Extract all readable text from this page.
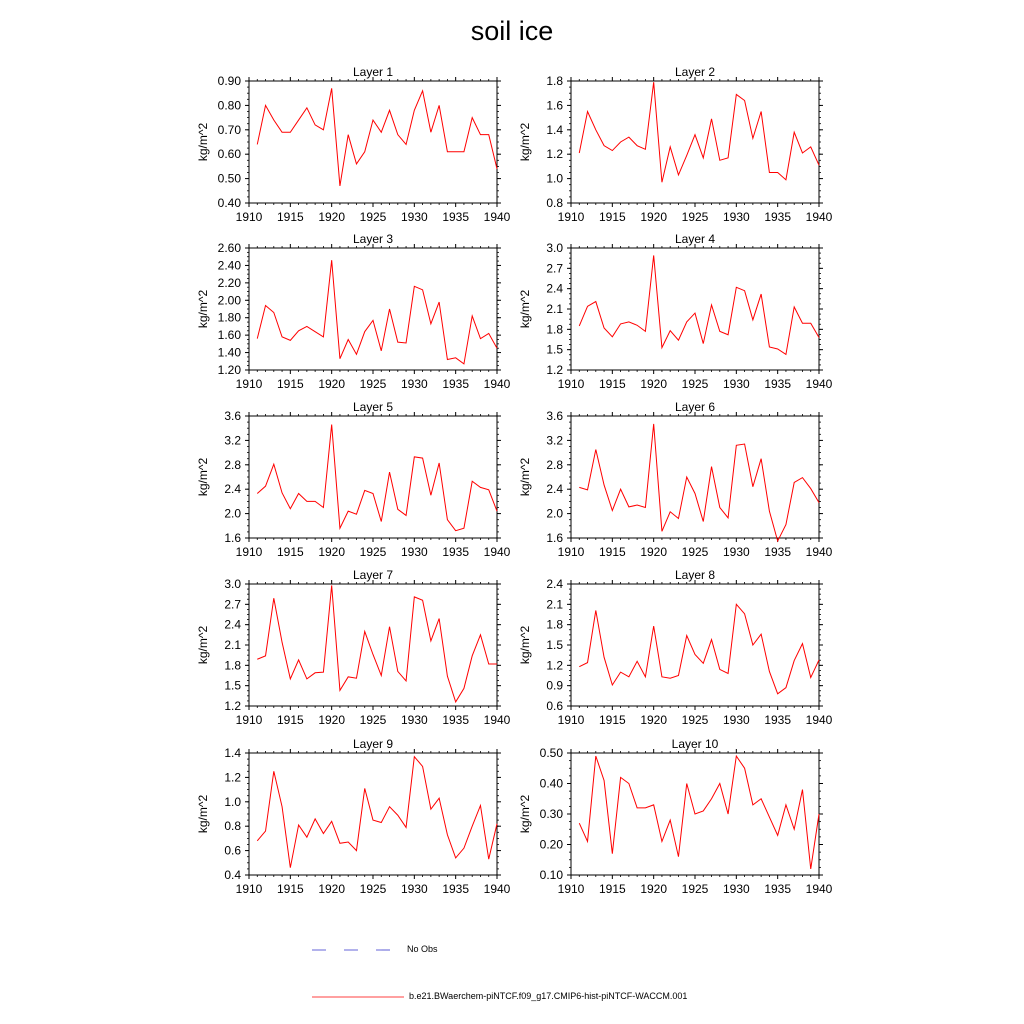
soil ice
Layer 1
kg/m^2
0.40
0.50
0.60
0.70
0.80
0.90
1910 1915 1920 1925 1930 1935 1940
Layer 2
kg/m^2
0.8
1.0
1.2
1.4
1.6
1.8
1910 1915 1920 1925 1930 1935 1940
Layer 3
kg/m^2
1.20
1.40
1.60
1.80
2.00
2.20
2.40
2.60
1910 1915 1920 1925 1930 1935 1940
Layer 4
kg/m^2
1.2
1.5
1.8
2.1
2.4
2.7
3.0
1910 1915 1920 1925 1930 1935 1940
Layer 5
kg/m^2
1.6
2.0
2.4
2.8
3.2
3.6
1910 1915 1920 1925 1930 1935 1940
Layer 6
kg/m^2
1.6
2.0
2.4
2.8
3.2
3.6
1910 1915 1920 1925 1930 1935 1940
Layer 7
kg/m^2
1.2
1.5
1.8
2.1
2.4
2.7
3.0
1910 1915 1920 1925 1930 1935 1940
Layer 8
kg/m^2
0.6
0.9
1.2
1.5
1.8
2.1
2.4
1910 1915 1920 1925 1930 1935 1940
Layer 9
kg/m^2
0.4
0.6
0.8
1.0
1.2
1.4
1910 1915 1920 1925 1930 1935 1940
Layer 10
kg/m^2
0.10
0.20
0.30
0.40
0.50
1910 1915 1920 1925 1930 1935 1940
No Obs
b.e21.BWaerchem-piNTCF.f09_g17.CMIP6-hist-piNTCF-WACCM.001
